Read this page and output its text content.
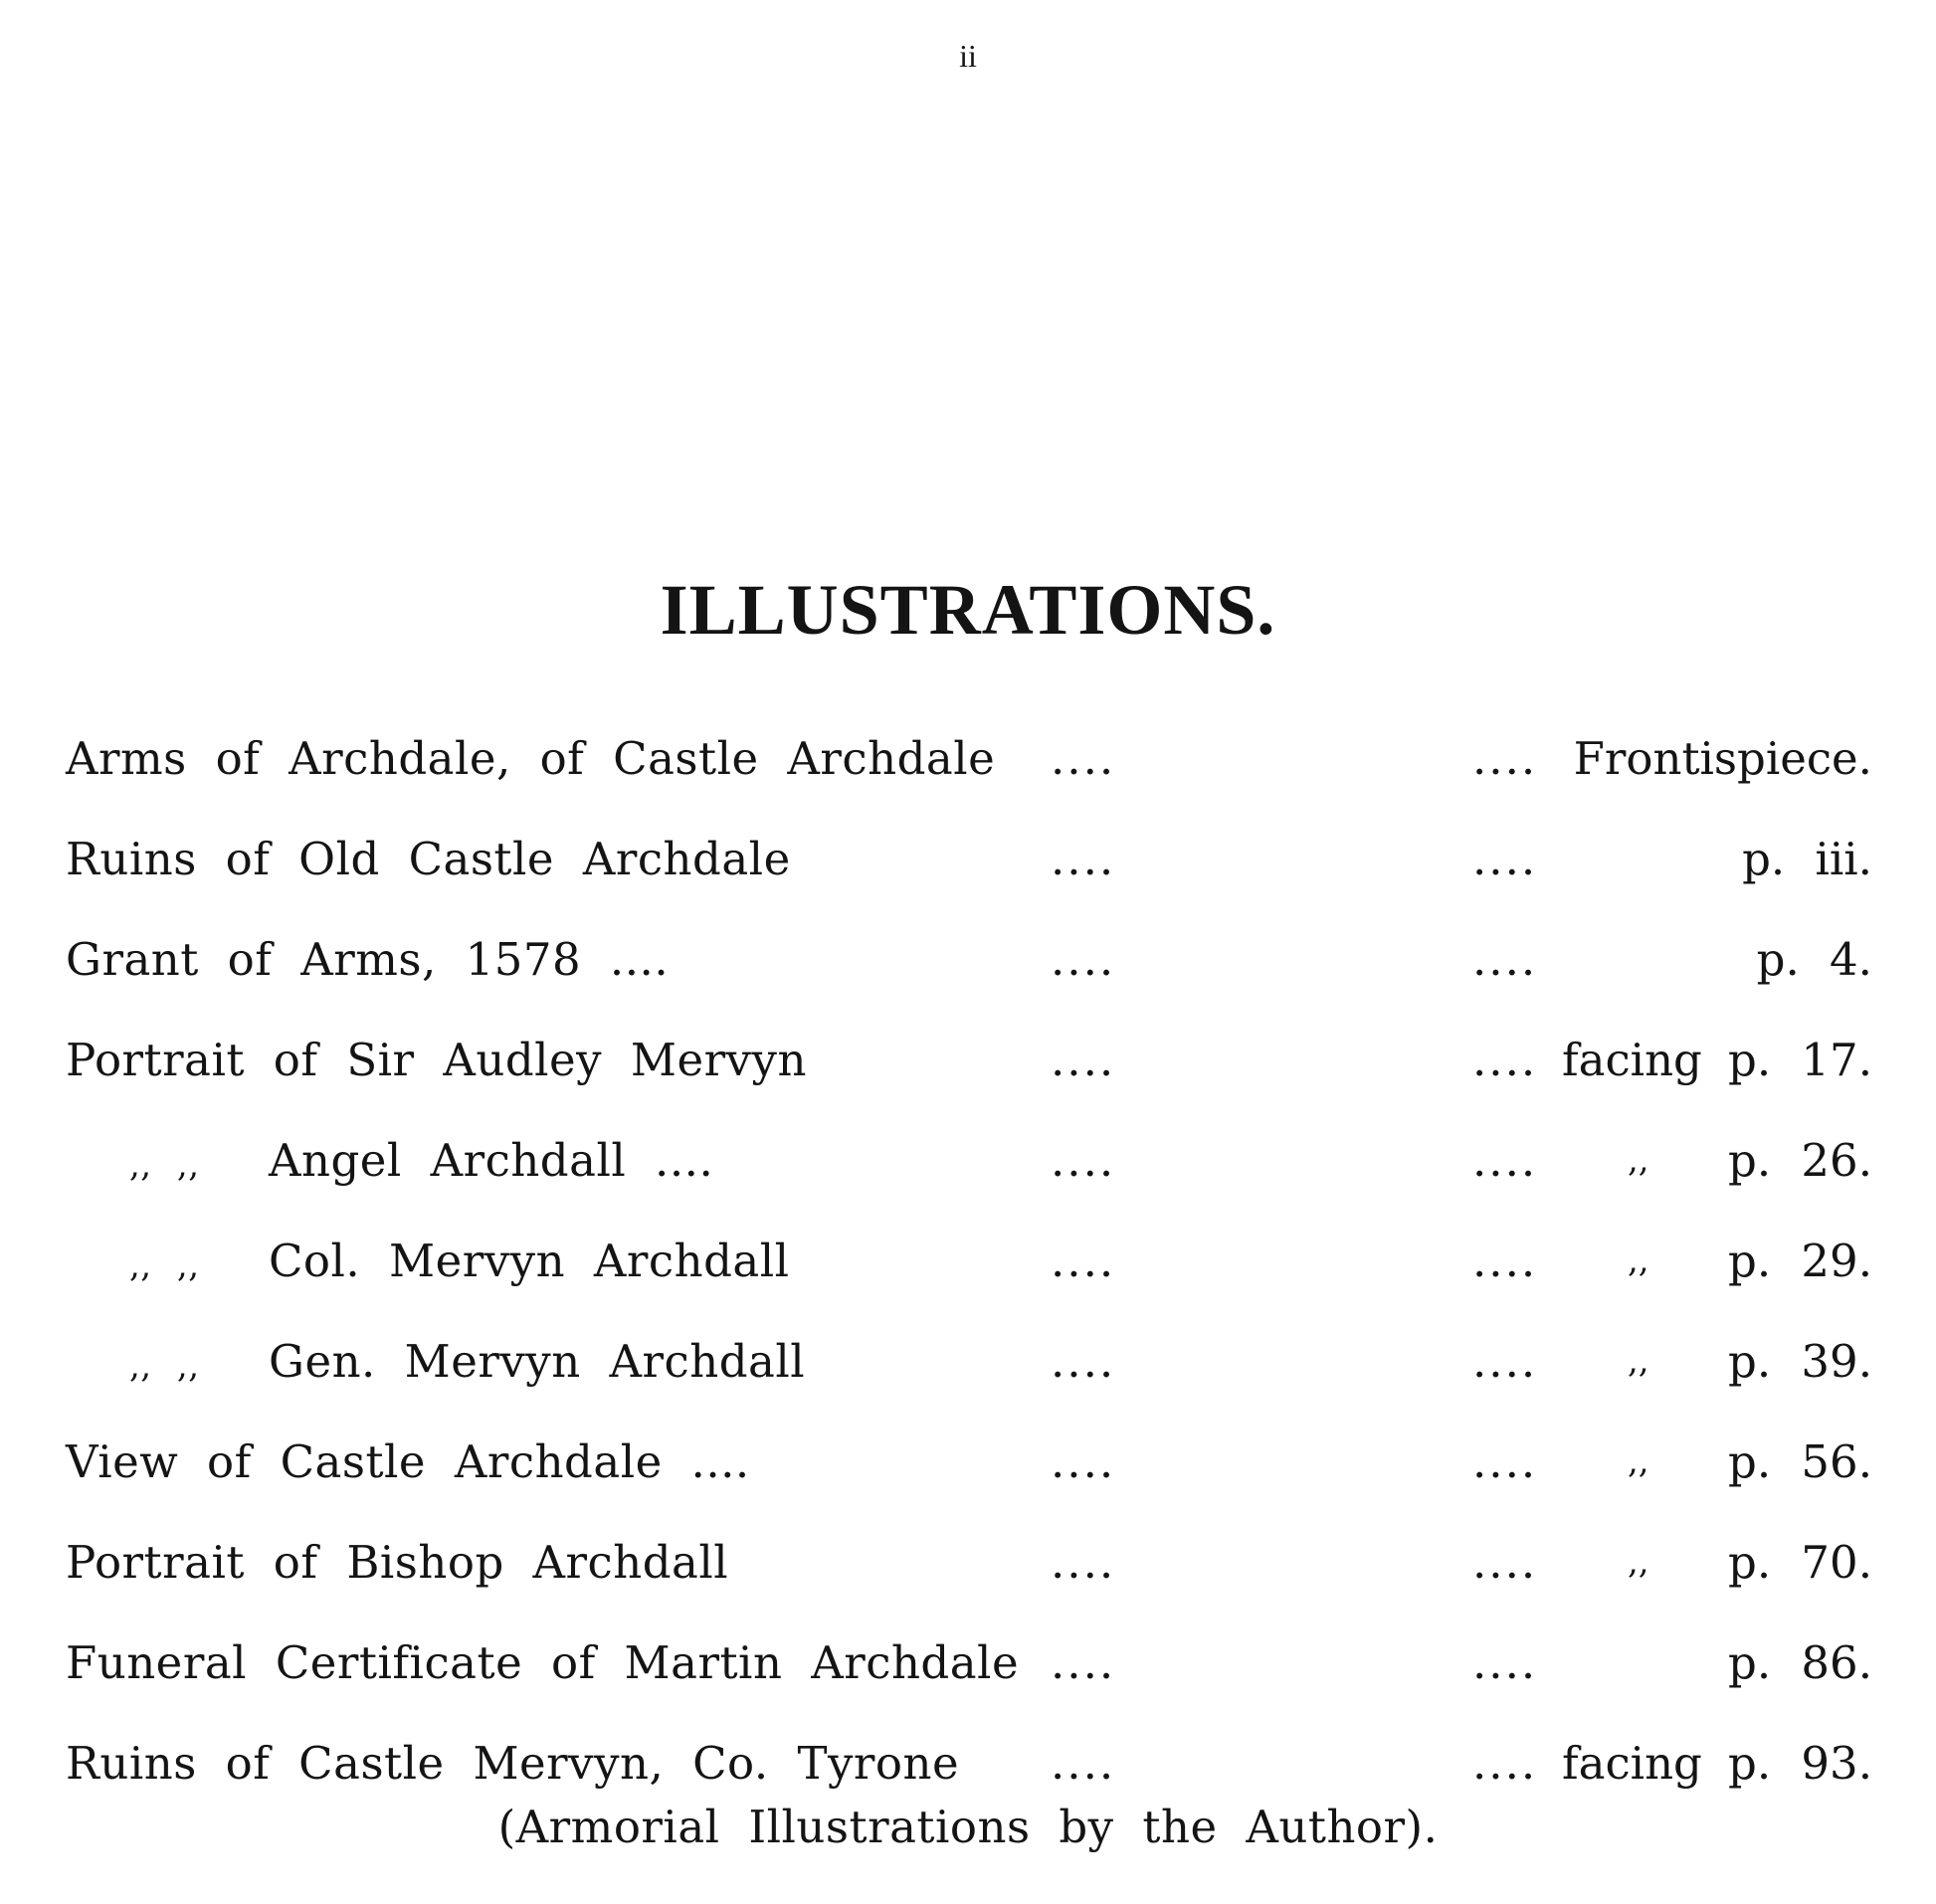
ii
ILLUSTRATIONS.
Arms of Archdale, of Castle Archdale ....	.... Frontispiece.
Ruins of Old Castle Archdale	....	....	p. iii.
Grant of Arms, 1578 ....	....	....	p. 4.
Portrait of Sir Audley Mervyn	....	.... facing p. 17.
,, ,, Angel Archdall ....	....	....	,, p. 26.
,, ,, Col. Mervyn Archdall	....	....	,, p. 29.
,, ,, Gen. Mervyn Archdall	....	....	,, p. 39.
View of Castle Archdale ....	....	....	,, p. 56.
Portrait of Bishop Archdall	....	....	,, p. 70.
Funeral Certificate of Martin Archdale ....	....	p. 86.
Ruins of Castle Mervyn, Co. Tyrone ....	.... facing p. 93.
(Armorial Illustrations by the Author).
